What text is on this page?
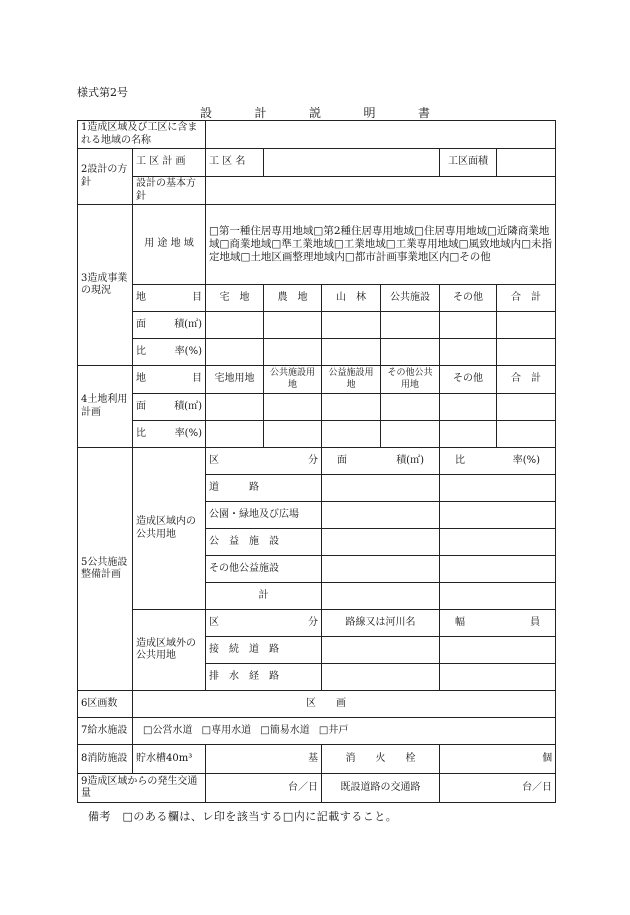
様式第2号
設	計	説	明	書
1造成区域及び工区に含まれる地域の名称							
2設計の方針	工 区 計 画	工 区 名				工区面積	
	設計の基本方針						
3造成事業の現況	用 途 地 域	□第一種住居専用地域□第2種住居専用地域□住居専用地域□近隣商業地域□商業地域□準工業地域□工業地域□工業専用地域□風致地域内□未指定地域□土地区画整理地域内□都市計画事業地区内□その他					

	地 目	宅　地	農　地	山　林	公共施設	その他	合　計

	面 積(㎡)						

	比 率(%)						

4土地利用計画	地 目	宅地用地	公共施設用地	公益施設用地	その他公共用地	その他	合　計

	面 積(㎡)						

	比 率(%)						

5公共施設整備計画	造成区域内の公共用地	区 分		面 積(㎡)		比 率(%)	

		道　　　路					
		公園・緑地及び広場					
		公　益　施　設					
		その他公益施設					
		計					
	造成区域外の公共用地	区 分		路線又は河川名		幅 員	

		接　続　道　路					
		排　水　経　路					
6区画数	区　　画						
7給水施設	□公営水道 □専用水道 □簡易水道 □井戸						
8消防施設	貯水槽40m³	基		消　　火　　栓		個	
9造成区域からの発生交通量		台／日		既設道路の交通路		台／日	
備考　□のある欄は、レ印を該当する□内に記載すること。
